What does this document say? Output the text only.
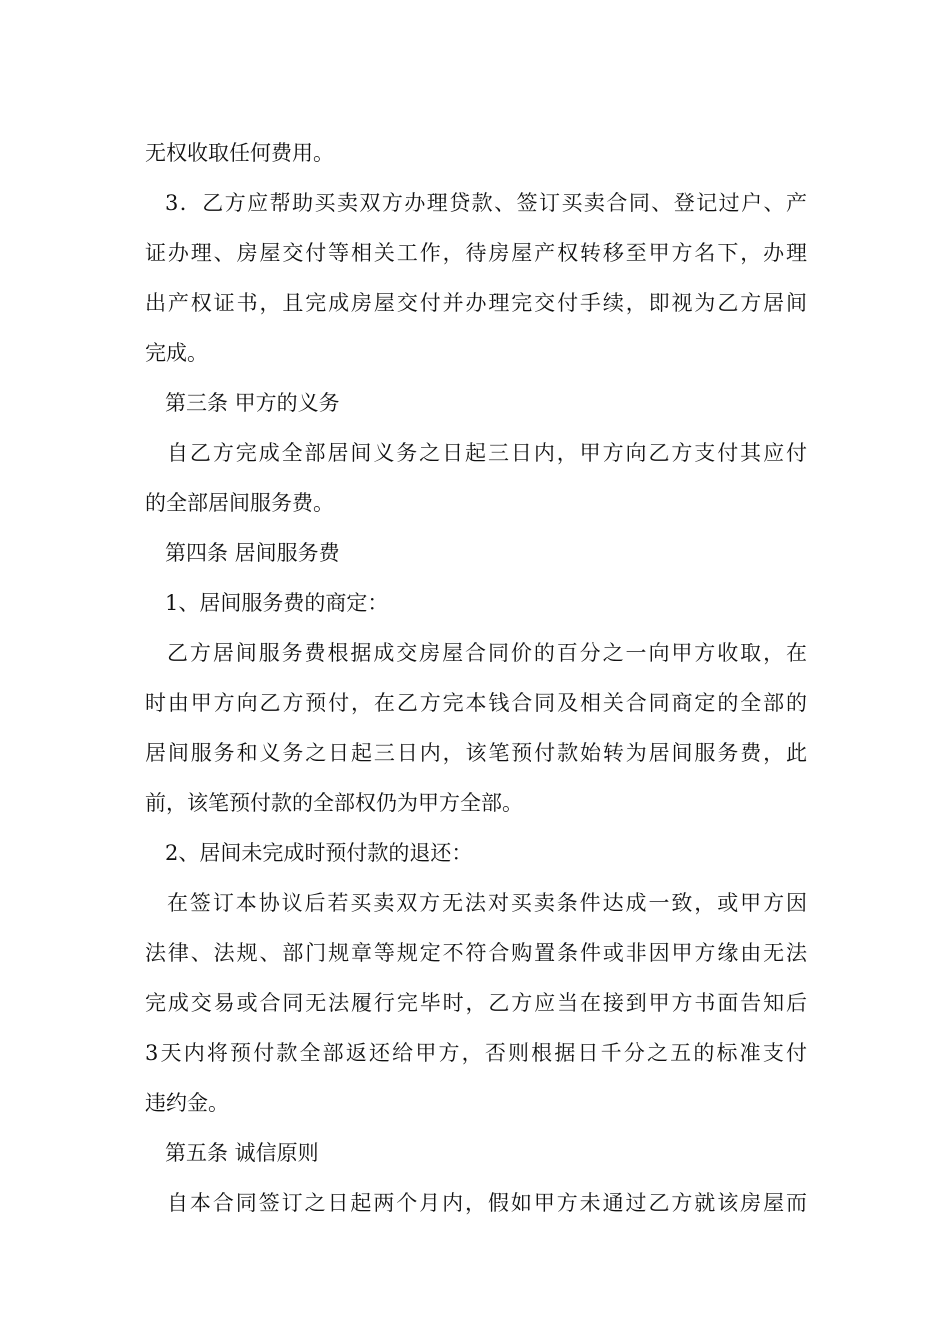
无权收取任何费用。
3．乙方应帮助买卖双方办理贷款、签订买卖合同、登记过户、产
证办理、房屋交付等相关工作，待房屋产权转移至甲方名下，办理
出产权证书，且完成房屋交付并办理完交付手续，即视为乙方居间
完成。
第三条 甲方的义务
自乙方完成全部居间义务之日起三日内，甲方向乙方支付其应付
的全部居间服务费。
第四条 居间服务费
1、居间服务费的商定：
乙方居间服务费根据成交房屋合同价的百分之一向甲方收取，在
时由甲方向乙方预付，在乙方完本钱合同及相关合同商定的全部的
居间服务和义务之日起三日内，该笔预付款始转为居间服务费，此
前，该笔预付款的全部权仍为甲方全部。
2、居间未完成时预付款的退还：
在签订本协议后若买卖双方无法对买卖条件达成一致，或甲方因
法律、法规、部门规章等规定不符合购置条件或非因甲方缘由无法
完成交易或合同无法履行完毕时，乙方应当在接到甲方书面告知后
3天内将预付款全部返还给甲方，否则根据日千分之五的标准支付
违约金。
第五条 诚信原则
自本合同签订之日起两个月内，假如甲方未通过乙方就该房屋而
